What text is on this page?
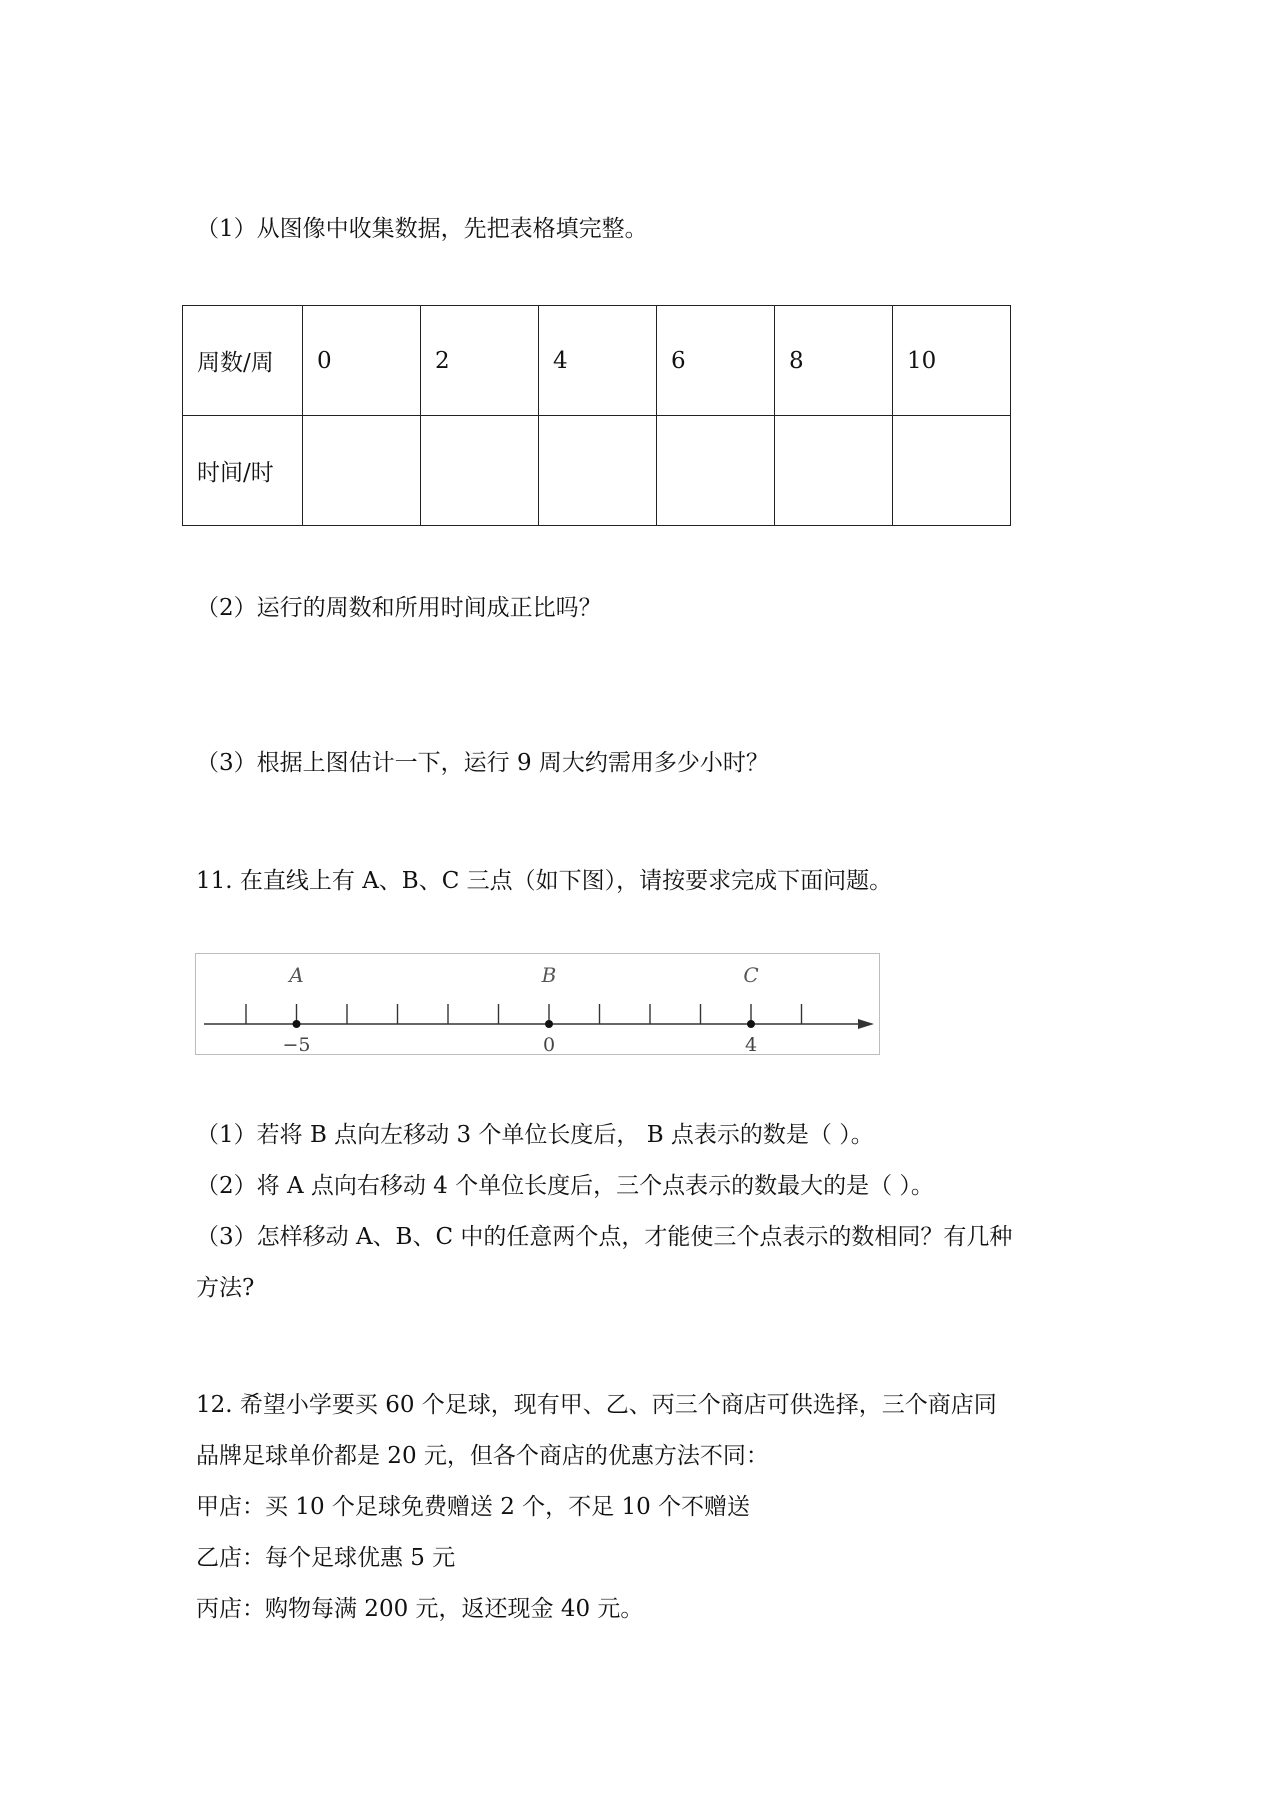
（1）从图像中收集数据，先把表格填完整。
周数/周	0	2	4	6	8	10
时间/时						
（2）运行的周数和所用时间成正比吗？
（3）根据上图估计一下，运行 9 周大约需用多少小时？
11. 在直线上有 A、B、C 三点（如下图），请按要求完成下面问题。
A
−5
B
0
C
4
（1）若将 B 点向左移动 3 个单位长度后， B 点表示的数是（ ）。
（2）将 A 点向右移动 4 个单位长度后，三个点表示的数最大的是（ ）。
（3）怎样移动 A、B、C 中的任意两个点，才能使三个点表示的数相同？有几种
方法?
12. 希望小学要买 60 个足球，现有甲、乙、丙三个商店可供选择，三个商店同
品牌足球单价都是 20 元，但各个商店的优惠方法不同：
甲店：买 10 个足球免费赠送 2 个，不足 10 个不赠送
乙店：每个足球优惠 5 元
丙店：购物每满 200 元，返还现金 40 元。
